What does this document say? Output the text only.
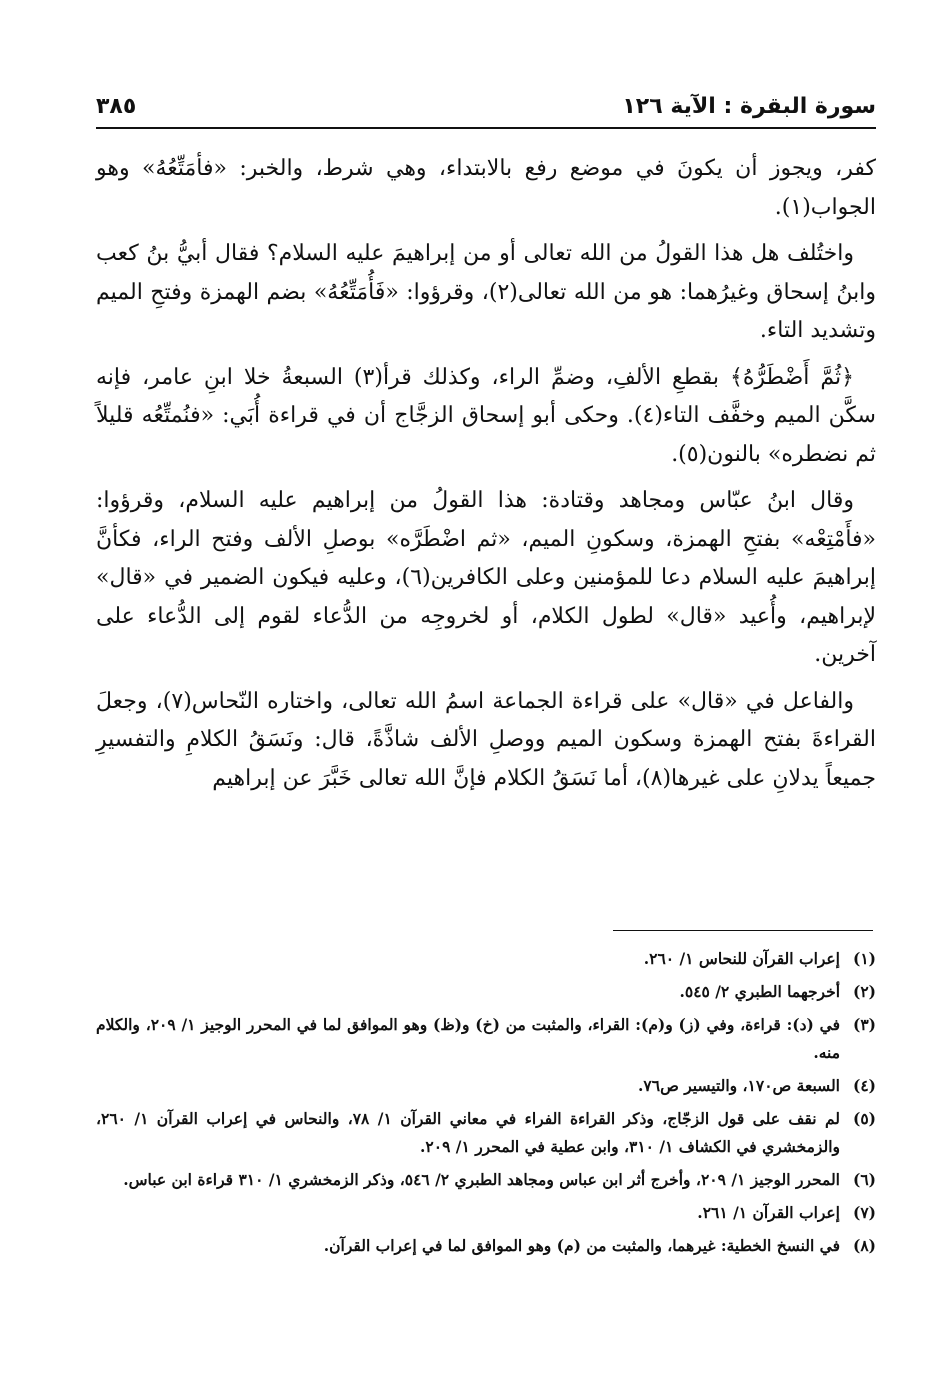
سورة البقرة : الآية ١٢٦
٣٨٥

كفر، ويجوز أن يكونَ في موضع رفع بالابتداء، وهي شرط، والخبر: «فأمَتِّعُهُ» وهو الجواب(١).

واختُلف هل هذا القولُ من الله تعالى أو من إبراهيمَ عليه السلام؟ فقال أبيُّ بنُ كعب وابنُ إسحاق وغيرُهما: هو من الله تعالى(٢)، وقرؤوا: «فَأُمَتِّعُهُ» بضم الهمزة وفتحِ الميم وتشديد التاء.

﴿ثُمَّ أَضْطَرُّهُ﴾ بقطعِ الألفِ، وضمِّ الراء، وكذلك قرأ(٣) السبعةُ خلا ابنِ عامر، فإنه سكَّن الميم وخفَّف التاء(٤). وحكى أبو إسحاق الزجَّاج أن في قراءة أُبَي: «فنُمتِّعُه قليلاً ثم نضطره» بالنون(٥).

وقال ابنُ عبّاس ومجاهد وقتادة: هذا القولُ من إبراهيم عليه السلام، وقرؤوا: «فأَمْتِعْه» بفتحِ الهمزة، وسكونِ الميم، «ثم اضْطَرَّه» بوصلِ الألف وفتح الراء، فكأنَّ إبراهيمَ عليه السلام دعا للمؤمنين وعلى الكافرين(٦)، وعليه فيكون الضمير في «قال» لإبراهيم، وأُعيد «قال» لطول الكلام، أو لخروجِه من الدُّعاء لقوم إلى الدُّعاء على آخرين.

والفاعل في «قال» على قراءة الجماعة اسمُ الله تعالى، واختاره النّحاس(٧)، وجعلَ القراءةَ بفتح الهمزة وسكون الميم ووصلِ الألف شاذَّةً، قال: ونَسَقُ الكلامِ والتفسيرِ جميعاً يدلانِ على غيرها(٨)، أما نَسَقُ الكلام فإنَّ الله تعالى خَبَّرَ عن إبراهيم

(١)
إعراب القرآن للنحاس ١/ ٢٦٠.
(٢)
أخرجهما الطبري ٢/ ٥٤٥.
(٣)
في (د): قراءة، وفي (ز) و(م): القراء، والمثبت من (خ) و(ظ) وهو الموافق لما في المحرر الوجيز ١/ ٢٠٩، والكلام منه.
(٤)
السبعة ص١٧٠، والتيسير ص٧٦.
(٥)
لم نقف على قول الزجّاج، وذكر القراءة الفراء في معاني القرآن ١/ ٧٨، والنحاس في إعراب القرآن ١/ ٢٦٠، والزمخشري في الكشاف ١/ ٣١٠، وابن عطية في المحرر ١/ ٢٠٩.
(٦)
المحرر الوجيز ١/ ٢٠٩، وأخرج أثر ابن عباس ومجاهد الطبري ٢/ ٥٤٦، وذكر الزمخشري ١/ ٣١٠ قراءة ابن عباس.
(٧)
إعراب القرآن ١/ ٢٦١.
(٨)
في النسخ الخطية: غيرهما، والمثبت من (م) وهو الموافق لما في إعراب القرآن.
